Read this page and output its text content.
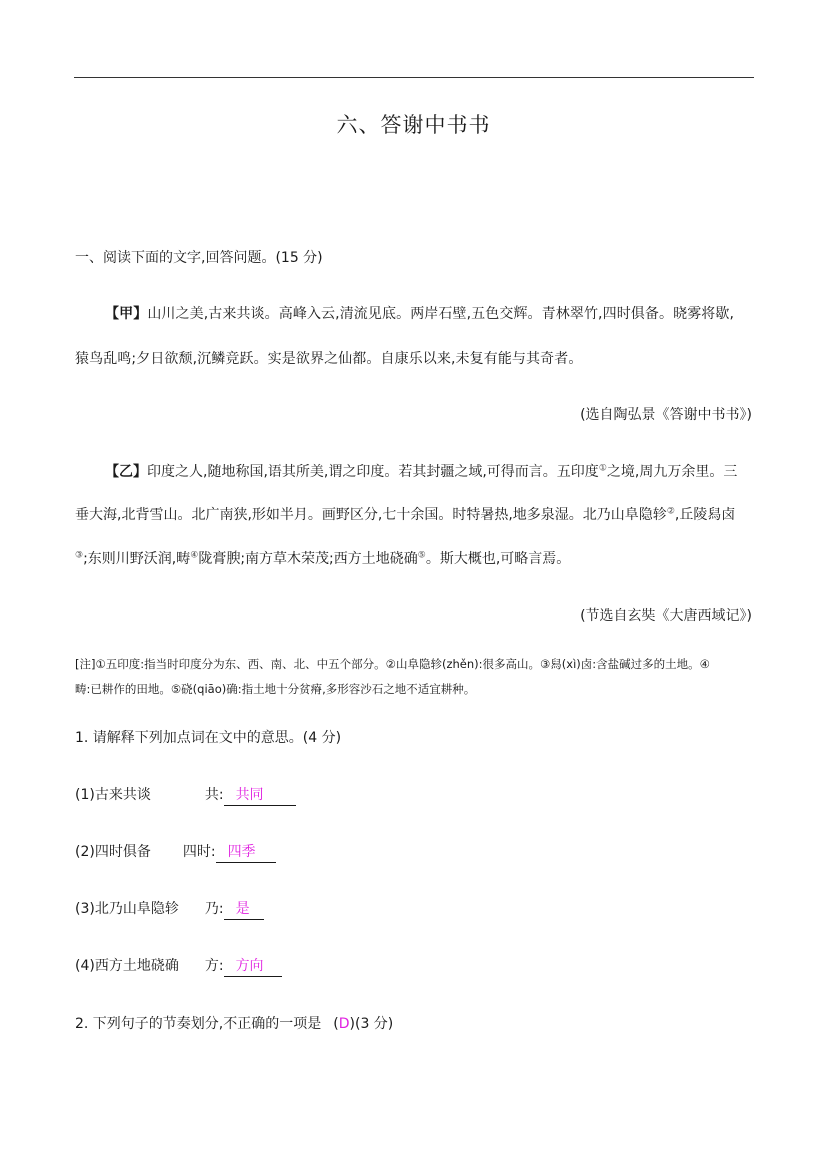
六、答谢中书书
一、阅读下面的文字,回答问题。(15 分)
【甲】山川之美,古来共谈。高峰入云,清流见底。两岸石壁,五色交辉。青林翠竹,四时俱备。晓雾将歇,
猿鸟乱鸣;夕日欲颓,沉鳞竞跃。实是欲界之仙都。自康乐以来,未复有能与其奇者。
(选自陶弘景《答谢中书书》)
【乙】印度之人,随地称国,语其所美,谓之印度。若其封疆之域,可得而言。五印度①之境,周九万余里。三
垂大海,北背雪山。北广南狭,形如半月。画野区分,七十余国。时特暑热,地多泉湿。北乃山阜隐轸②,丘陵舄卤
③;东则川野沃润,畴④陇膏腴;南方草木荣茂;西方土地硗确⑤。斯大概也,可略言焉。
(节选自玄奘《大唐西域记》)
[注]①五印度:指当时印度分为东、西、南、北、中五个部分。②山阜隐轸(zhěn):很多高山。③舄(xì)卤:含盐碱过多的土地。④
畴:已耕作的田地。⑤硗(qiāo)确:指土地十分贫瘠,多形容沙石之地不适宜耕种。
1. 请解释下列加点词在文中的意思。(4 分)
(1)古来共谈	共: 共同
(2)四时俱备 四时: 四季
(3)北乃山阜隐轸 乃: 是
(4)西方土地硗确 方: 方向
2. 下列句子的节奏划分,不正确的一项是 (D)(3 分)
